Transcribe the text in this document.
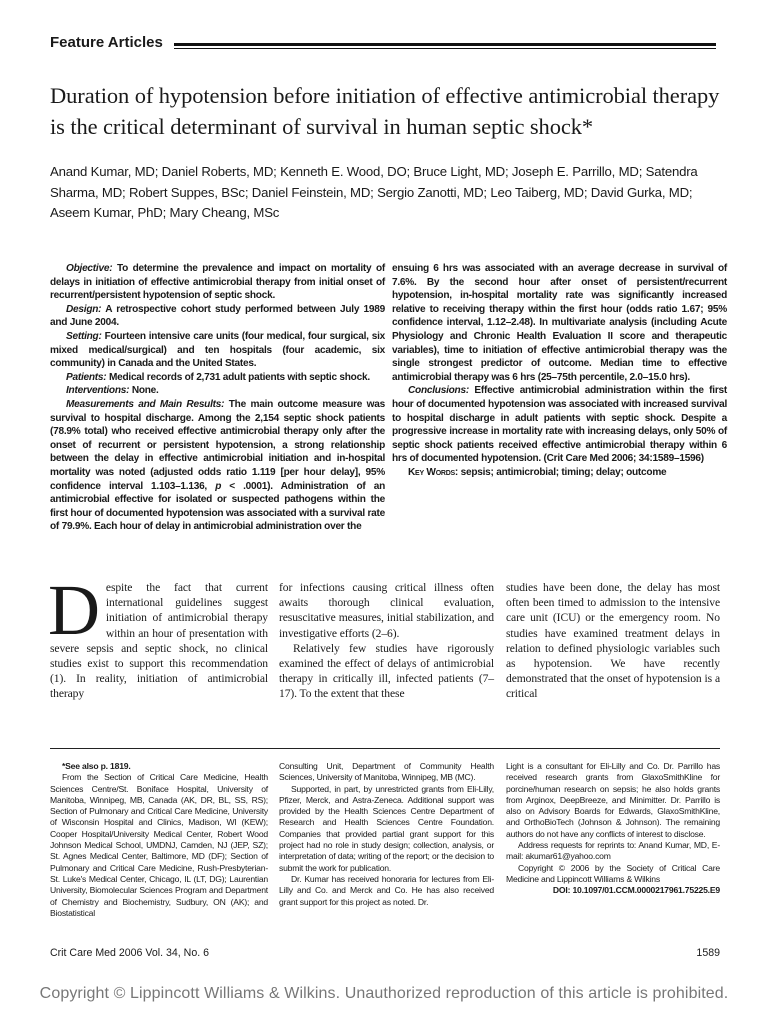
Feature Articles
Duration of hypotension before initiation of effective antimicrobial therapy is the critical determinant of survival in human septic shock*
Anand Kumar, MD; Daniel Roberts, MD; Kenneth E. Wood, DO; Bruce Light, MD; Joseph E. Parrillo, MD; Satendra Sharma, MD; Robert Suppes, BSc; Daniel Feinstein, MD; Sergio Zanotti, MD; Leo Taiberg, MD; David Gurka, MD; Aseem Kumar, PhD; Mary Cheang, MSc

Objective: To determine the prevalence and impact on mortality of delays in initiation of effective antimicrobial therapy from initial onset of recurrent/persistent hypotension of septic shock.

Design: A retrospective cohort study performed between July 1989 and June 2004.

Setting: Fourteen intensive care units (four medical, four surgical, six mixed medical/surgical) and ten hospitals (four academic, six community) in Canada and the United States.

Patients: Medical records of 2,731 adult patients with septic shock.

Interventions: None.

Measurements and Main Results: The main outcome measure was survival to hospital discharge. Among the 2,154 septic shock patients (78.9% total) who received effective antimicrobial therapy only after the onset of recurrent or persistent hypotension, a strong relationship between the delay in effective antimicrobial initiation and in-hospital mortality was noted (adjusted odds ratio 1.119 [per hour delay], 95% confidence interval 1.103–1.136, p < .0001). Administration of an antimicrobial effective for isolated or suspected pathogens within the first hour of documented hypotension was associated with a survival rate of 79.9%. Each hour of delay in antimicrobial administration over the

ensuing 6 hrs was associated with an average decrease in survival of 7.6%. By the second hour after onset of persistent/recurrent hypotension, in-hospital mortality rate was significantly increased relative to receiving therapy within the first hour (odds ratio 1.67; 95% confidence interval, 1.12–2.48). In multivariate analysis (including Acute Physiology and Chronic Health Evaluation II score and therapeutic variables), time to initiation of effective antimicrobial therapy was the single strongest predictor of outcome. Median time to effective antimicrobial therapy was 6 hrs (25–75th percentile, 2.0–15.0 hrs).

Conclusions: Effective antimicrobial administration within the first hour of documented hypotension was associated with increased survival to hospital discharge in adult patients with septic shock. Despite a progressive increase in mortality rate with increasing delays, only 50% of septic shock patients received effective antimicrobial therapy within 6 hrs of documented hypotension. (Crit Care Med 2006; 34:1589–1596)

Key Words: sepsis; antimicrobial; timing; delay; outcome

Despite the fact that current international guidelines suggest initiation of antimicrobial therapy within an hour of presentation with severe sepsis and septic shock, no clinical studies exist to support this recommendation (1). In reality, initiation of antimicrobial therapy

for infections causing critical illness often awaits thorough clinical evaluation, resuscitative measures, initial stabilization, and investigative efforts (2–6).

Relatively few studies have rigorously examined the effect of delays of antimicrobial therapy in critically ill, infected patients (7–17). To the extent that these

studies have been done, the delay has most often been timed to admission to the intensive care unit (ICU) or the emergency room. No studies have examined treatment delays in relation to defined physiologic variables such as hypotension. We have recently demonstrated that the onset of hypotension is a critical

*See also p. 1819.

From the Section of Critical Care Medicine, Health Sciences Centre/St. Boniface Hospital, University of Manitoba, Winnipeg, MB, Canada (AK, DR, BL, SS, RS); Section of Pulmonary and Critical Care Medicine, University of Wisconsin Hospital and Clinics, Madison, WI (KEW); Cooper Hospital/University Medical Center, Robert Wood Johnson Medical School, UMDNJ, Camden, NJ (JEP, SZ); St. Agnes Medical Center, Baltimore, MD (DF); Section of Pulmonary and Critical Care Medicine, Rush-Presbyterian-St. Luke's Medical Center, Chicago, IL (LT, DG); Laurentian University, Biomolecular Sciences Program and Department of Chemistry and Biochemistry, Sudbury, ON (AK); and Biostatistical

Consulting Unit, Department of Community Health Sciences, University of Manitoba, Winnipeg, MB (MC).

Supported, in part, by unrestricted grants from Eli-Lilly, Pfizer, Merck, and Astra-Zeneca. Additional support was provided by the Health Sciences Centre Department of Research and Health Sciences Centre Foundation. Companies that provided partial grant support for this project had no role in study design; collection, analysis, or interpretation of data; writing of the report; or the decision to submit the work for publication.

Dr. Kumar has received honoraria for lectures from Eli-Lilly and Co. and Merck and Co. He has also received grant support for this project as noted. Dr.

Light is a consultant for Eli-Lilly and Co. Dr. Parrillo has received research grants from GlaxoSmithKline for porcine/human research on sepsis; he also holds grants from Arginox, DeepBreeze, and Minimitter. Dr. Parrillo is also on Advisory Boards for Edwards, GlaxoSmithKline, and OrthoBioTech (Johnson & Johnson). The remaining authors do not have any conflicts of interest to disclose.

Address requests for reprints to: Anand Kumar, MD, E-mail: akumar61@yahoo.com

Copyright © 2006 by the Society of Critical Care Medicine and Lippincott Williams & Wilkins

DOI: 10.1097/01.CCM.0000217961.75225.E9

Crit Care Med 2006 Vol. 34, No. 6	1589
Copyright © Lippincott Williams & Wilkins. Unauthorized reproduction of this article is prohibited.
